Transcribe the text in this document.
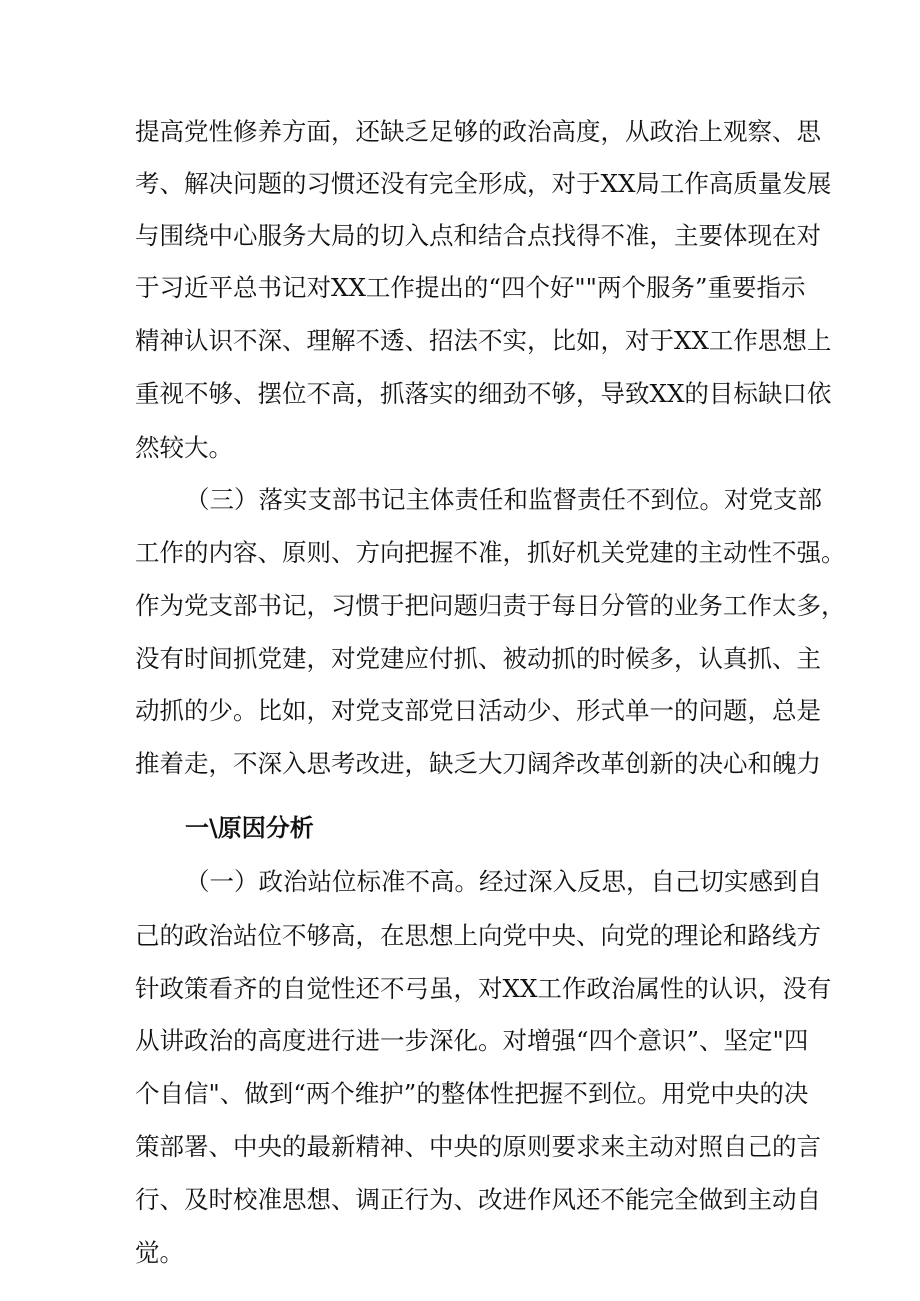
提高党性修养方面，还缺乏足够的政治高度，从政治上观察、思
考、解决问题的习惯还没有完全形成，对于XX局工作高质量发展
与围绕中心服务大局的切入点和结合点找得不准，主要体现在对
于习近平总书记对XX工作提出的“四个好""两个服务”重要指示
精神认识不深、理解不透、招法不实，比如，对于XX工作思想上
重视不够、摆位不高，抓落实的细劲不够，导致XX的目标缺口依
然较大。
（三）落实支部书记主体责任和监督责任不到位。对党支部
工作的内容、原则、方向把握不准，抓好机关党建的主动性不强。
作为党支部书记，习惯于把问题归责于每日分管的业务工作太多，
没有时间抓党建，对党建应付抓、被动抓的时候多，认真抓、主
动抓的少。比如，对党支部党日活动少、形式单一的问题，总是
推着走，不深入思考改进，缺乏大刀阔斧改革创新的决心和魄力
一\原因分析
（一）政治站位标准不高。经过深入反思，自己切实感到自
己的政治站位不够高，在思想上向党中央、向党的理论和路线方
针政策看齐的自觉性还不弓虽，对XX工作政治属性的认识，没有
从讲政治的高度进行进一步深化。对增强“四个意识”、坚定"四
个自信"、做到“两个维护”的整体性把握不到位。用党中央的决
策部署、中央的最新精神、中央的原则要求来主动对照自己的言
行、及时校准思想、调正行为、改进作风还不能完全做到主动自
觉。
